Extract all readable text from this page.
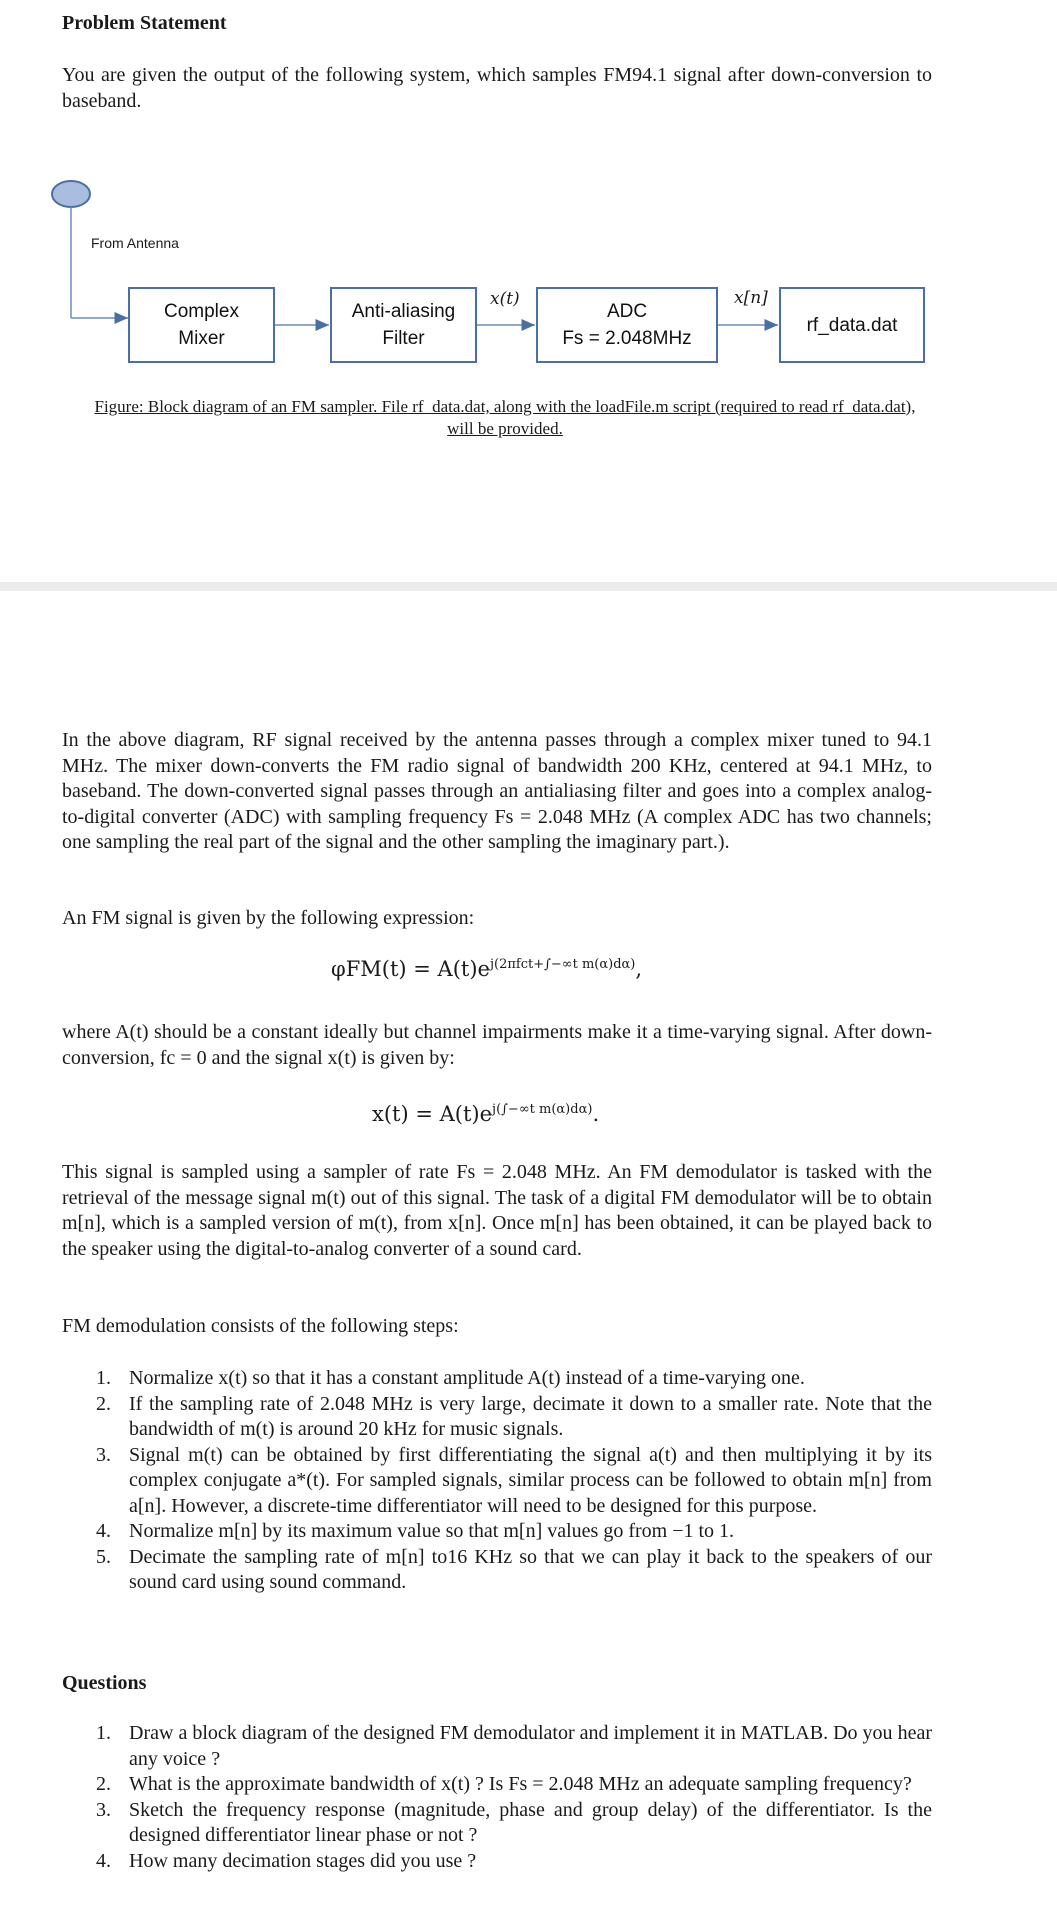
Problem Statement
You are given the output of the following system, which samples FM94.1 signal after down-conversion to baseband.
From Antenna
Complex
Mixer
Anti-aliasing
Filter
x(t)
ADC
Fs = 2.048MHz
x[n]
rf_data.dat
Figure: Block diagram of an FM sampler. File rf_data.dat, along with the loadFile.m script (required to read rf_data.dat), will be provided.
In the above diagram, RF signal received by the antenna passes through a complex mixer tuned to 94.1 MHz. The mixer down-converts the FM radio signal of bandwidth 200 KHz, centered at 94.1 MHz, to baseband. The down-converted signal passes through an antialiasing filter and goes into a complex analog-to-digital converter (ADC) with sampling frequency Fs = 2.048 MHz (A complex ADC has two channels; one sampling the real part of the signal and the other sampling the imaginary part.).
An FM signal is given by the following expression:
$\varphi FM(t) = A(t)e^{j(2\pi fct+\int-\infty t m(\alpha)d\alpha)}$,
where A(t) should be a constant ideally but channel impairments make it a time-varying signal. After down-conversion, fc = 0 and the signal x(t) is given by:
$x(t) = A(t)e^{j(\int-\infty t m(\alpha)d\alpha)}$.
This signal is sampled using a sampler of rate Fs = 2.048 MHz. An FM demodulator is tasked with the retrieval of the message signal m(t) out of this signal. The task of a digital FM demodulator will be to obtain m[n], which is a sampled version of m(t), from x[n]. Once m[n] has been obtained, it can be played back to the speaker using the digital-to-analog converter of a sound card.
FM demodulation consists of the following steps:
1. Normalize x(t) so that it has a constant amplitude A(t) instead of a time-varying one.
2. If the sampling rate of 2.048 MHz is very large, decimate it down to a smaller rate. Note that the bandwidth of m(t) is around 20 kHz for music signals.
3. Signal m(t) can be obtained by first differentiating the signal a(t) and then multiplying it by its complex conjugate a*(t). For sampled signals, similar process can be followed to obtain m[n] from a[n]. However, a discrete-time differentiator will need to be designed for this purpose.
4. Normalize m[n] by its maximum value so that m[n] values go from −1 to 1.
5. Decimate the sampling rate of m[n] to16 KHz so that we can play it back to the speakers of our sound card using sound command.
Questions
1. Draw a block diagram of the designed FM demodulator and implement it in MATLAB. Do you hear any voice ?
2. What is the approximate bandwidth of x(t) ? Is Fs = 2.048 MHz an adequate sampling frequency?
3. Sketch the frequency response (magnitude, phase and group delay) of the differentiator. Is the designed differentiator linear phase or not ?
4. How many decimation stages did you use ?
